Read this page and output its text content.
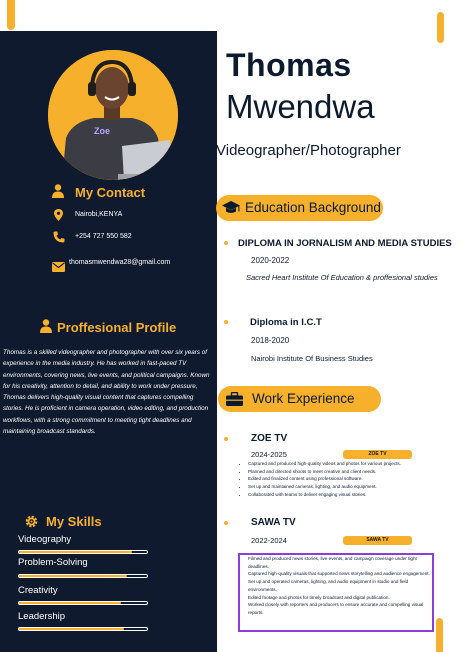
Zoe
My Contact
Nairobi,KENYA
+254 727 550 582
thomasmwendwa28@gmail.com
Proffesional Profile
Thomas is a skilled videographer and photographer with over six years of experience in the media industry. He has worked in fast-paced TV environments, covering news, live events, and political campaigns. Known for his creativity, attention to detail, and ability to work under pressure, Thomas delivers high-quality visual content that captures compelling stories. He is proficient in camera operation, video editing, and production workflows, with a strong commitment to meeting tight deadlines and maintaining broadcast standards.
My Skills
Videography
Problem-Solving
Creativity
Leadership
Thomas
Mwendwa
Videographer/Photographer
Education Background
DIPLOMA IN JORNALISM AND MEDIA STUDIES
2020-2022
Sacred Heart Institute Of Education & proffesional studies
Diploma in I.C.T
2018-2020
Nairobi Institute Of Business Studies
Work Experience
ZOE TV
2024-2025	ZOE TV
• Captured and produced high-quality videos and photos for various projects.
• Planned and directed shoots to meet creative and client needs.
• Edited and finalized content using professional software.
• Set up and maintained cameras, lighting, and audio equipment.
• Collaborated with teams to deliver engaging visual stories.
SAWA TV
2022-2024	SAWA TV
• Filmed and produced news stories, live events, and campaign coverage under tight deadlines.
• Captured high-quality visuals that supported news storytelling and audience engagement.
• Set up and operated cameras, lighting, and audio equipment in studio and field environments.
• Edited footage and photos for timely broadcast and digital publication.
• Worked closely with reporters and producers to ensure accurate and compelling visual reports.
